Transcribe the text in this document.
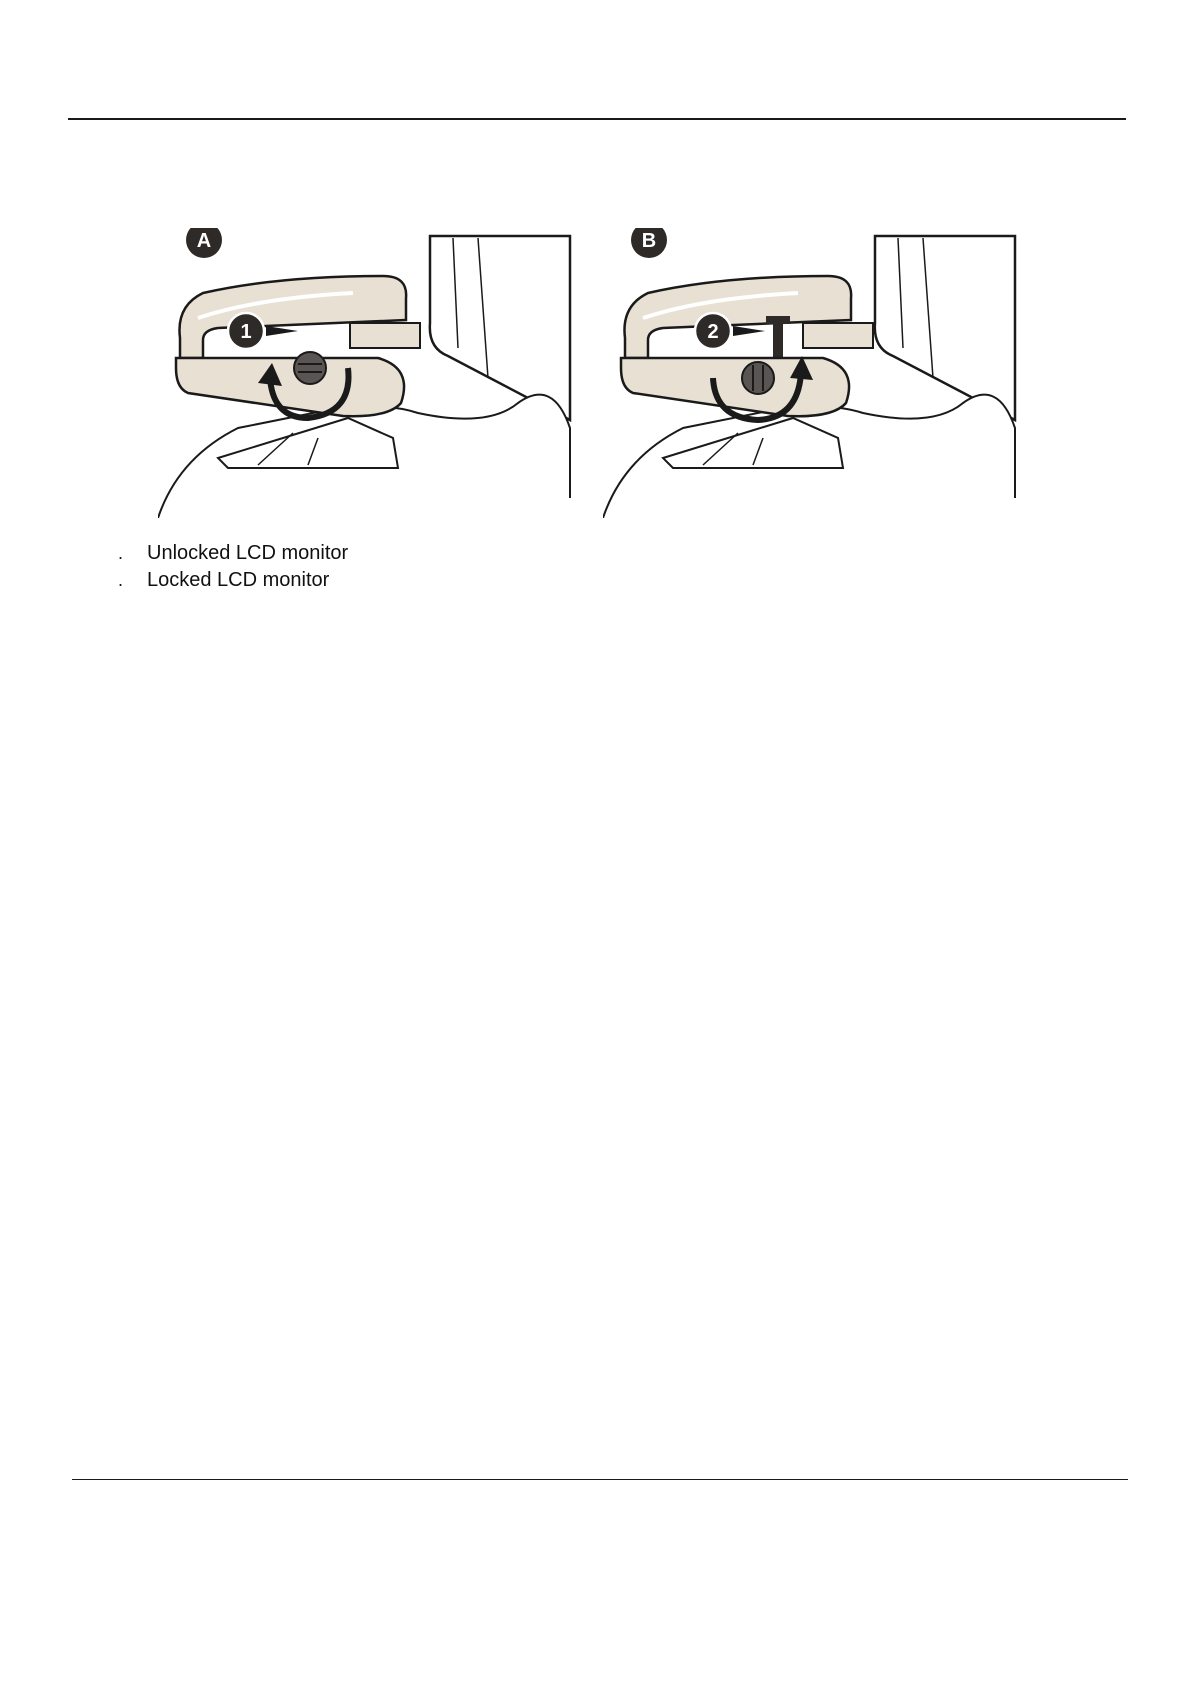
1
A
2
B
. Unlocked LCD monitor
. Locked LCD monitor
